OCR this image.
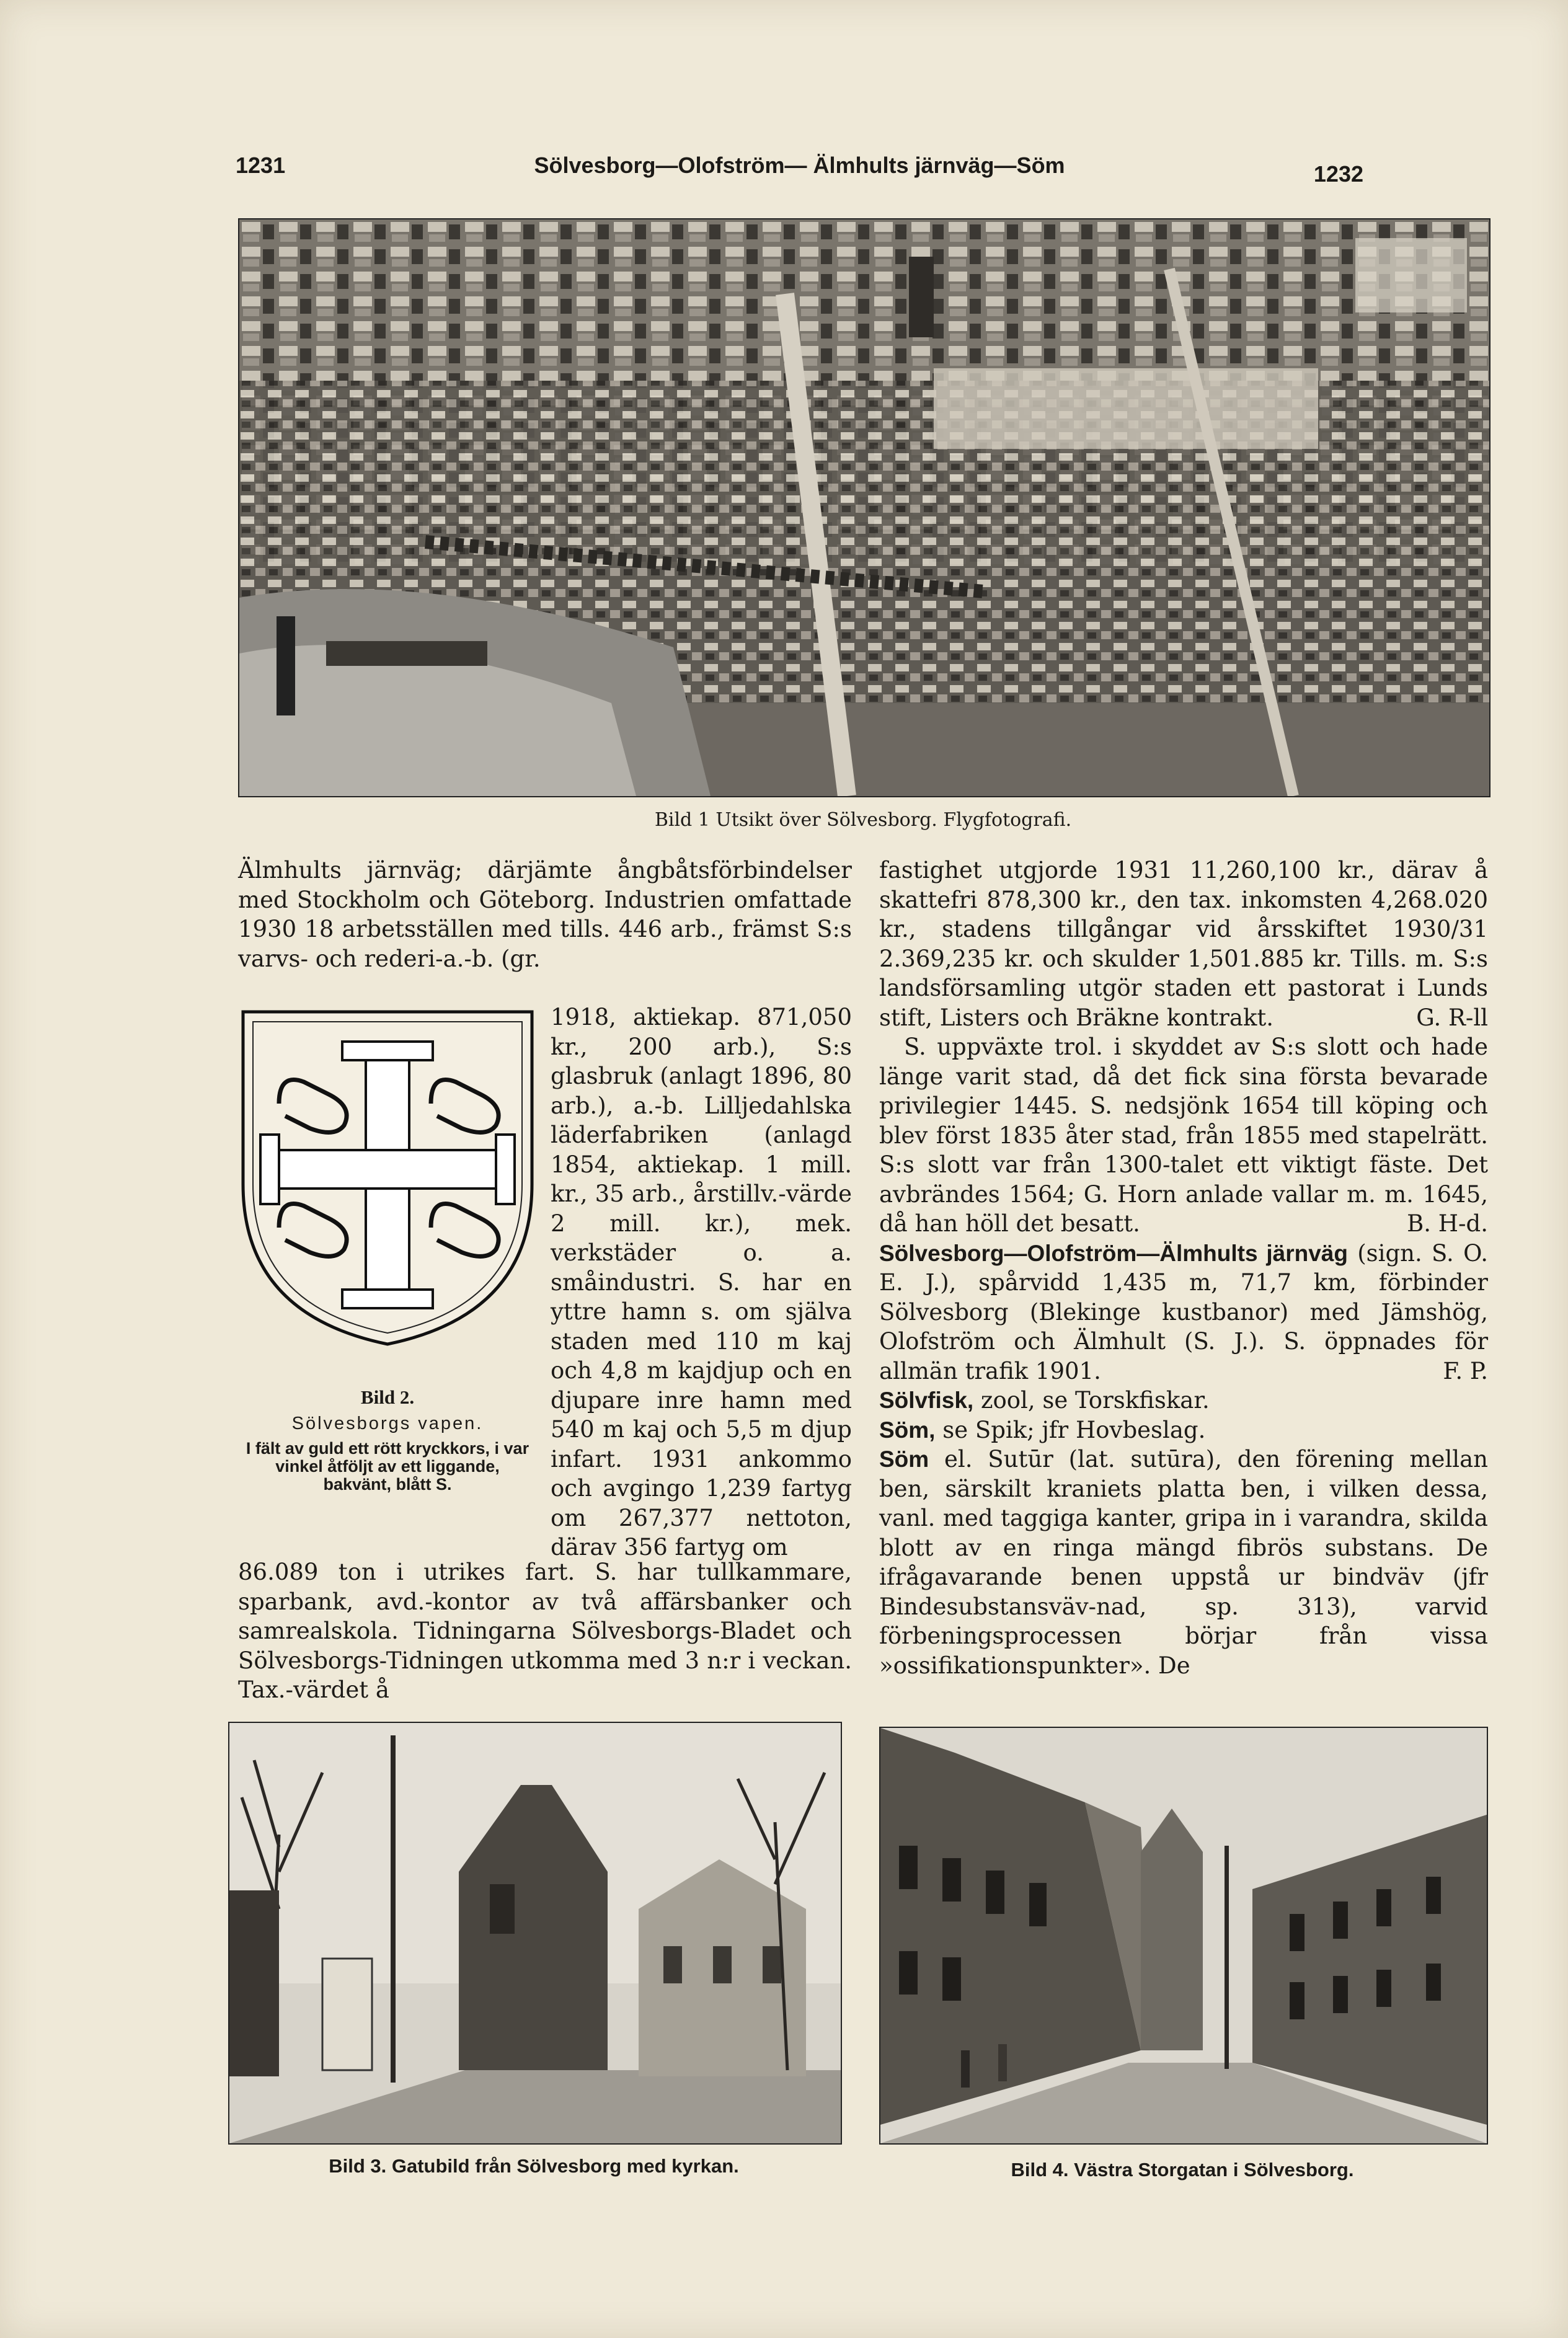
1231	Sölvesborg—Olofström— Älmhults järnväg—Söm	1232
Bild 1 Utsikt över Sölvesborg. Flygfotografi.
Bild 2.
Sölvesborgs vapen.
I fält av guld ett rött kryckkors, i var vinkel åtföljt av ett liggande, bakvänt, blått S.

Älmhults järnväg; därjämte ångbåtsförbindelser med Stockholm och Göteborg. Industrien omfattade 1930 18 arbetsställen med tills. 446 arb., främst S:s varvs- och rederi-a.-b. (gr.

1918, aktiekap. 871,050 kr., 200 arb.), S:s glasbruk (anlagt 1896, 80 arb.), a.-b. Lilljedahlska läderfabriken (anlagd 1854, aktiekap. 1 mill. kr., 35 arb., årstillv.-värde 2 mill. kr.), mek. verkstäder o. a. småindustri. S. har en yttre hamn s. om själva staden med 110 m kaj och 4,8 m kajdjup och en djupare inre hamn med 540 m kaj och 5,5 m djup infart. 1931 ankommo och avgingo 1,239 fartyg om 267,377 nettoton, därav 356 fartyg om

86.089 ton i utrikes fart. S. har tullkammare, sparbank, avd.-kontor av två affärsbanker och samrealskola. Tidningarna Sölvesborgs-Bladet och Sölvesborgs-Tidningen utkomma med 3 n:r i veckan. Tax.-värdet å

fastighet utgjorde 1931 11,260,100 kr., därav å skattefri 878,300 kr., den tax. inkomsten 4,268.020 kr., stadens tillgångar vid årsskiftet 1930/31 2.369,235 kr. och skulder 1,501.885 kr. Tills. m. S:s landsförsamling utgör staden ett pastorat i Lunds stift, Listers och Bräkne kontrakt.	G. R-ll

S. uppväxte trol. i skyddet av S:s slott och hade länge varit stad, då det fick sina första bevarade privilegier 1445. S. nedsjönk 1654 till köping och blev först 1835 åter stad, från 1855 med stapelrätt. S:s slott var från 1300-talet ett viktigt fäste. Det avbrändes 1564; G. Horn anlade vallar m. m. 1645, då han höll det besatt.	B. H-d.

Sölvesborg—Olofström—Älmhults järnväg (sign. S. O. E. J.), spårvidd 1,435 m, 71,7 km, förbinder Sölvesborg (Blekinge kustbanor) med Jämshög, Olofström och Älmhult (S. J.). S. öppnades för allmän trafik 1901.	F. P.

Sölvfisk, zool, se Torskfiskar.

Söm, se Spik; jfr Hovbeslag.

Söm el. Sutūr (lat. sutūra), den förening mellan ben, särskilt kraniets platta ben, i vilken dessa, vanl. med taggiga kanter, gripa in i varandra, skilda blott av en ringa mängd fibrös substans. De ifrågavarande benen uppstå ur bindväv (jfr Bindesubstansväv-nad, sp. 313), varvid förbeningsprocessen börjar från vissa »ossifikationspunkter». De

Bild 3. Gatubild från Sölvesborg med kyrkan.	Bild 4. Västra Storgatan i Sölvesborg.
